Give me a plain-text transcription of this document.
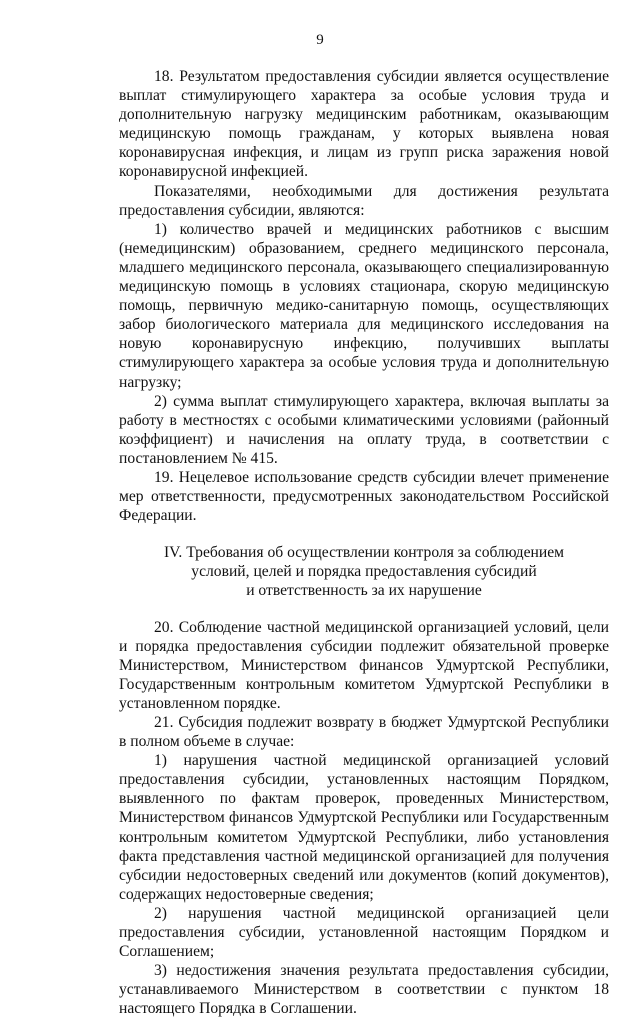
9

18. Результатом предоставления субсидии является осуществление выплат стимулирующего характера за особые условия труда и дополнительную нагрузку медицинским работникам, оказывающим медицинскую помощь гражданам, у которых выявлена новая коронавирусная инфекция, и лицам из групп риска заражения новой коронавирусной инфекцией.

Показателями, необходимыми для достижения результата предоставления субсидии, являются:

1) количество врачей и медицинских работников с высшим (немедицинским) образованием, среднего медицинского персонала, младшего медицинского персонала, оказывающего специализированную медицинскую помощь в условиях стационара, скорую медицинскую помощь, первичную медико-санитарную помощь, осуществляющих забор биологического материала для медицинского исследования на новую коронавирусную инфекцию, получивших выплаты стимулирующего характера за особые условия труда и дополнительную нагрузку;

2) сумма выплат стимулирующего характера, включая выплаты за работу в местностях с особыми климатическими условиями (районный коэффициент) и начисления на оплату труда, в соответствии с постановлением № 415.

19. Нецелевое использование средств субсидии влечет применение мер ответственности, предусмотренных законодательством Российской Федерации.

IV. Требования об осуществлении контроля за соблюдением
условий, целей и порядка предоставления субсидий
и ответственность за их нарушение

20. Соблюдение частной медицинской организацией условий, цели и порядка предоставления субсидии подлежит обязательной проверке Министерством, Министерством финансов Удмуртской Республики, Государственным контрольным комитетом Удмуртской Республики в установленном порядке.

21. Субсидия подлежит возврату в бюджет Удмуртской Республики в полном объеме в случае:

1) нарушения частной медицинской организацией условий предоставления субсидии, установленных настоящим Порядком, выявленного по фактам проверок, проведенных Министерством, Министерством финансов Удмуртской Республики или Государственным контрольным комитетом Удмуртской Республики, либо установления факта представления частной медицинской организацией для получения субсидии недостоверных сведений или документов (копий документов), содержащих недостоверные сведения;

2) нарушения частной медицинской организацией цели предоставления субсидии, установленной настоящим Порядком и Соглашением;

3) недостижения значения результата предоставления субсидии, устанавливаемого Министерством в соответствии с пунктом 18 настоящего Порядка в Соглашении.
